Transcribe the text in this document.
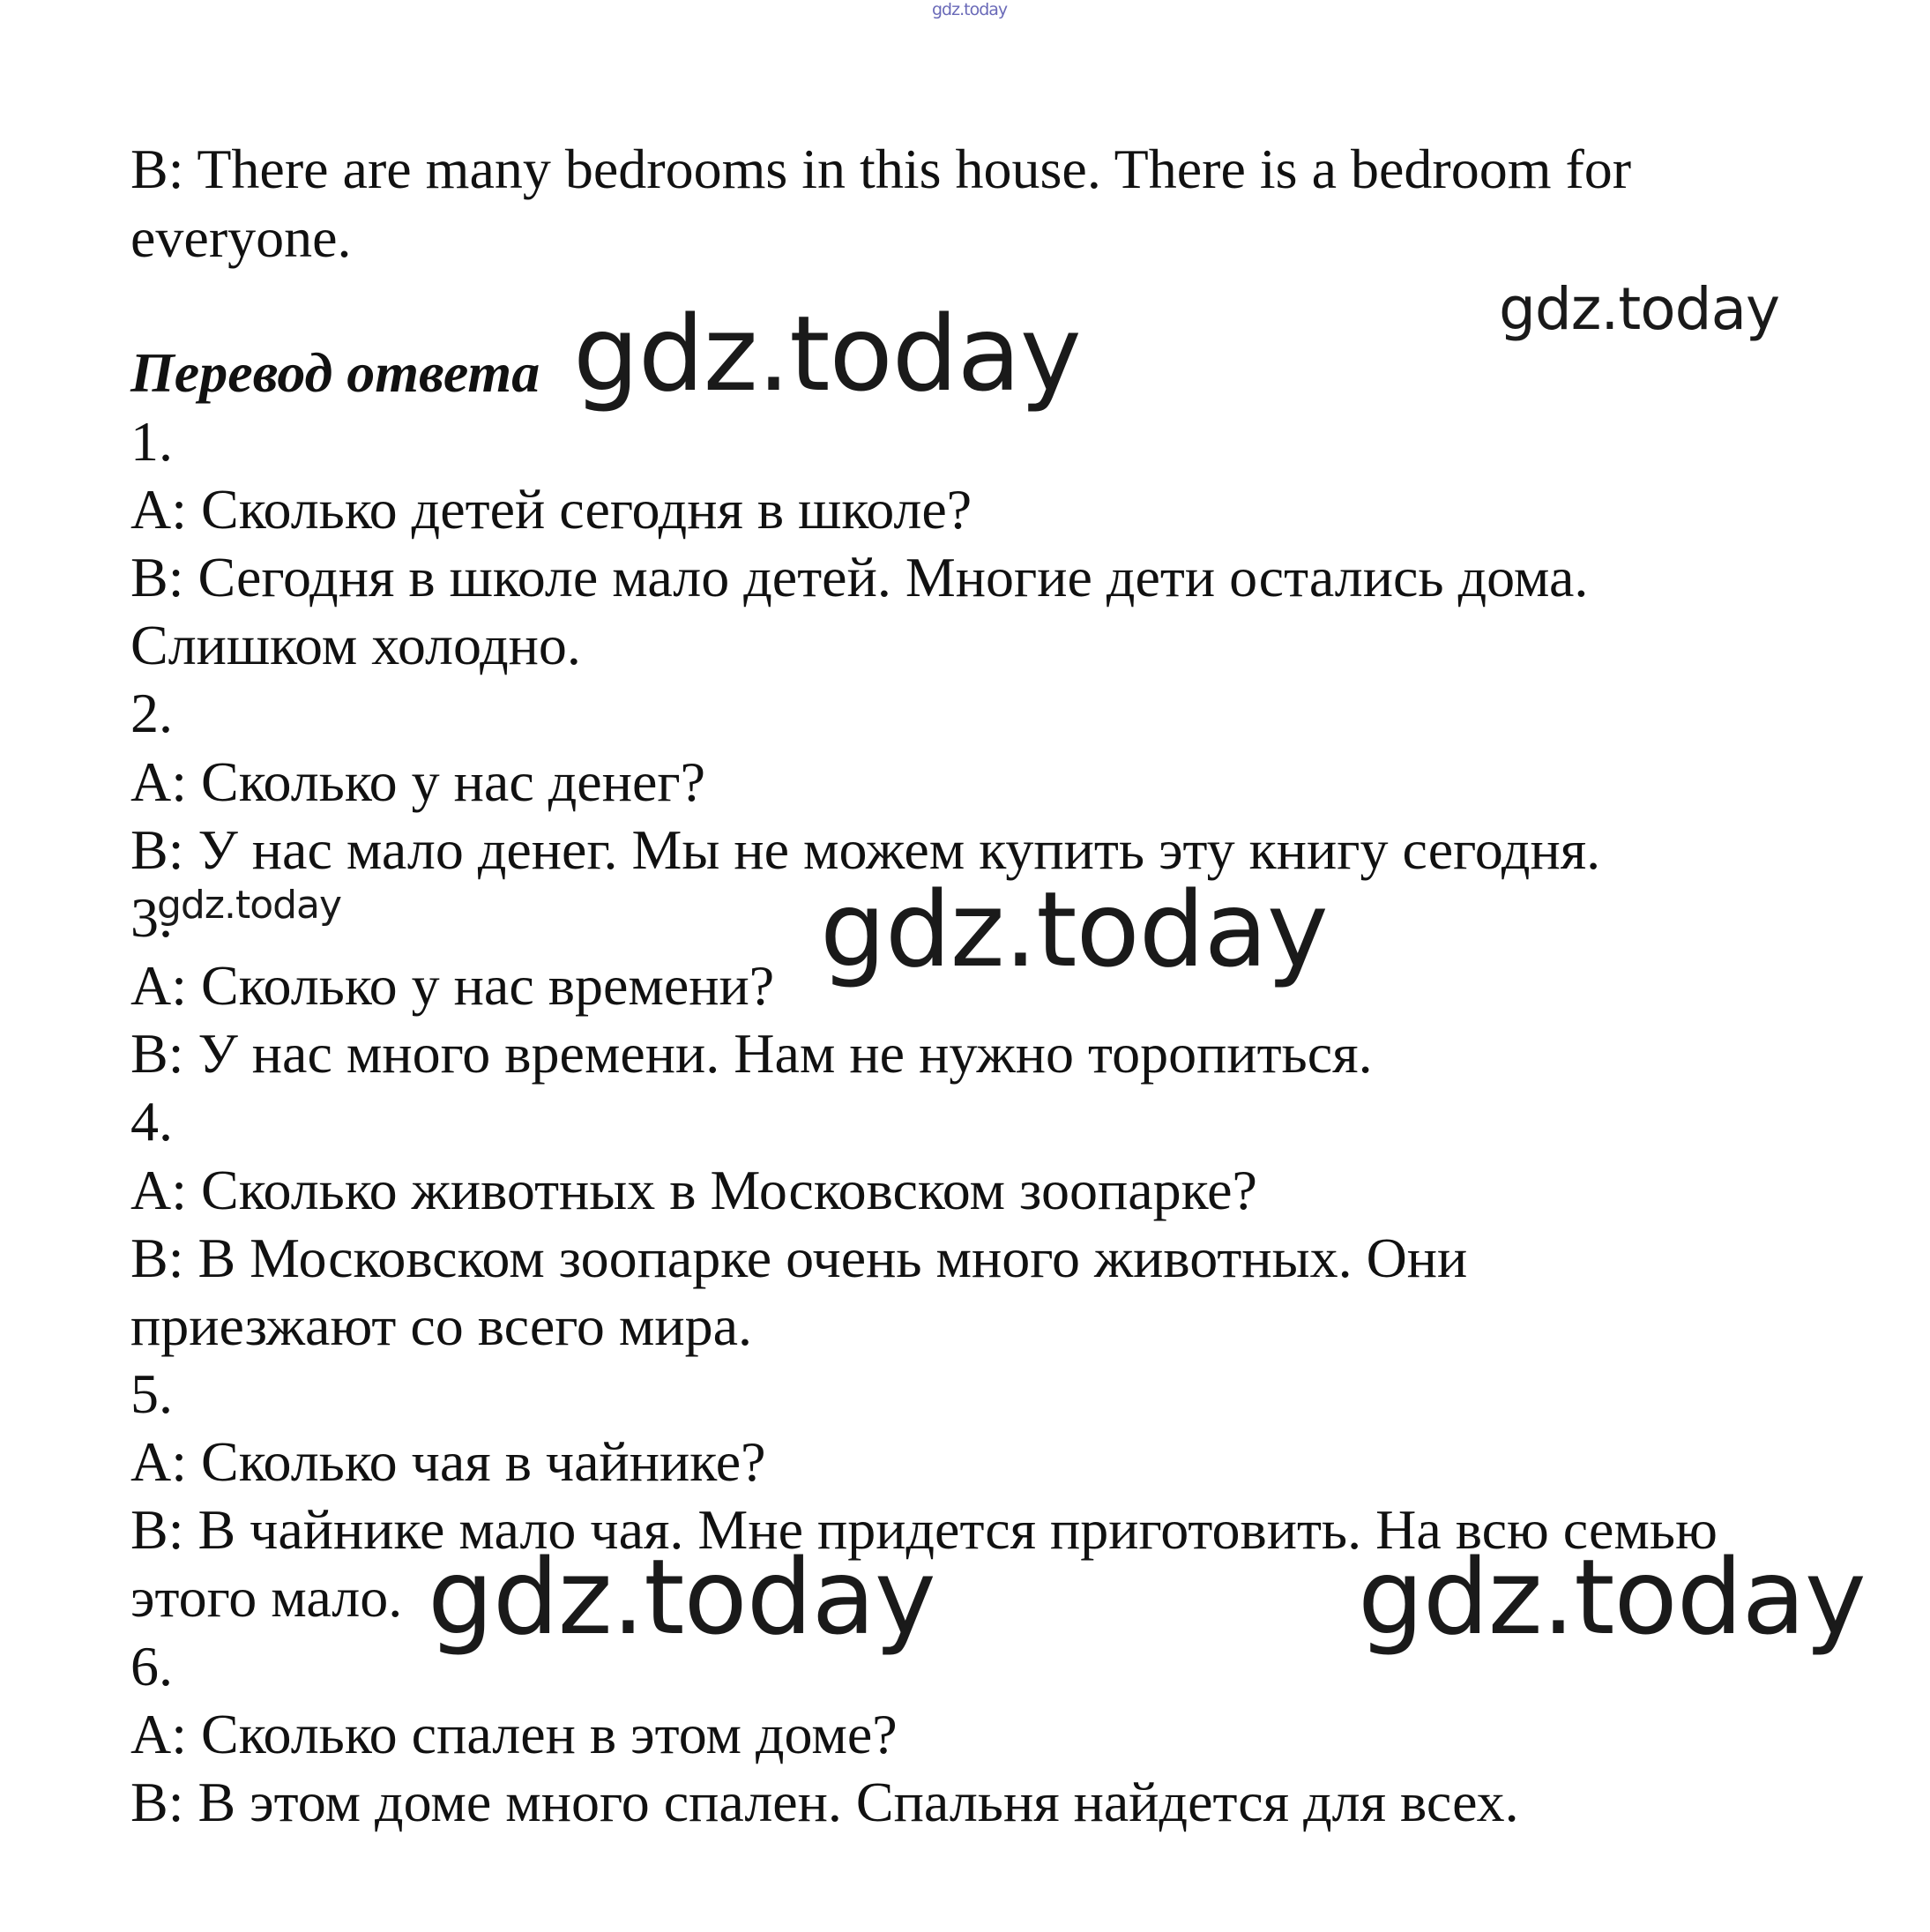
gdz.today
B: There are many bedrooms in this house. There is a bedroom for
everyone.
gdz.today
Перевод ответа gdz.today
1.
А: Сколько детей сегодня в школе?
В: Сегодня в школе мало детей. Многие дети остались дома.
Слишком холодно.
2.
А: Сколько у нас денег?
В: У нас мало денег. Мы не можем купить эту книгу сегодня.
3.
gdz.today	gdz.today
А: Сколько у нас времени?
В: У нас много времени. Нам не нужно торопиться.
4.
А: Сколько животных в Московском зоопарке?
В: В Московском зоопарке очень много животных. Они
приезжают со всего мира.
5.
А: Сколько чая в чайнике?
В: В чайнике мало чая. Мне придется приготовить. На всю семью
этого мало. gdz.today	gdz.today
6.
А: Сколько спален в этом доме?
В: В этом доме много спален. Спальня найдется для всех.
